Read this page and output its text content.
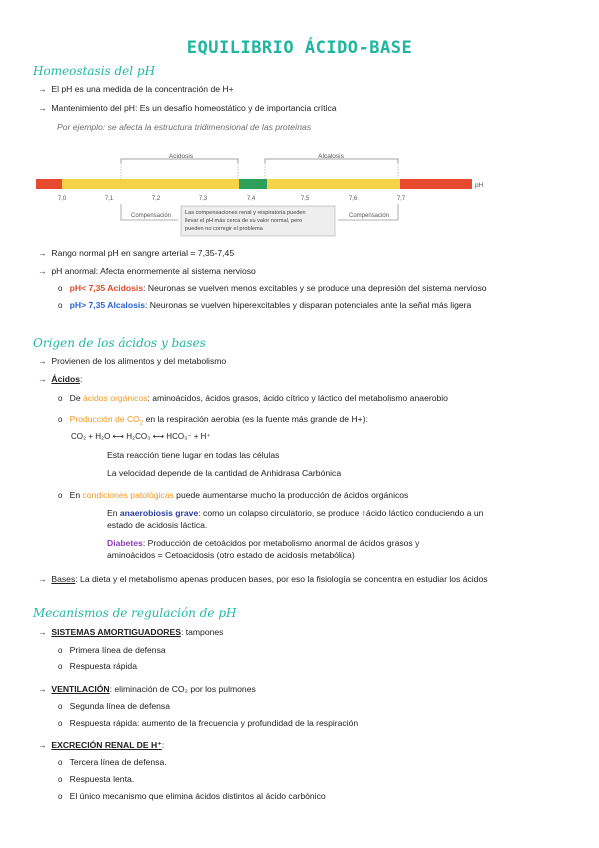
EQUILIBRIO ÁCIDO-BASE
Homeostasis del pH
→ El pH es una medida de la concentración de H+
→ Mantenimiento del pH: Es un desafío homeostático y de importancia crítica
Por ejemplo: se afecta la estructura tridimensional de las proteínas
Acidosis	Alcalosis
pH
7,0	7,1	7,2	7,3	7,4	7,5	7,6	7,7
Compensación	Compensación
Las compensaciones renal y respiratoria pueden
llevar el pH más cerca de su valor normal, pero
pueden no corregir el problema
→ Rango normal pH en sangre arterial = 7,35-7,45
→ pH anormal: Afecta enormemente al sistema nervioso
o pH< 7,35 Acidosis: Neuronas se vuelven menos excitables y se produce una depresión del sistema nervioso
o pH> 7,35 Alcalosis: Neuronas se vuelven hiperexcitables y disparan potenciales ante la señal más ligera
Origen de los ácidos y bases
→ Provienen de los alimentos y del metabolismo
→ Ácidos:
o De ácidos orgánicos: aminoácidos, ácidos grasos, ácido cítrico y láctico del metabolismo anaerobio
o Producción de $CO_2$ en la respiración aerobia (es la fuente más grande de H+):
CO₂ + H₂O ⟷ H₂CO₃ ⟷ HCO₃⁻ + H⁺
Esta reacción tiene lugar en todas las células
La velocidad depende de la cantidad de Anhidrasa Carbónica
o En condiciones patológicas puede aumentarse mucho la producción de ácidos orgánicos
En anaerobiosis grave: como un colapso circulatorio, se produce ↑ácido láctico conduciendo a un
estado de acidosis láctica.
Diabetes: Producción de cetoácidos por metabolismo anormal de ácidos grasos y
aminoácidos = Cetoacidosis (otro estado de acidosis metabólica)
→ Bases: La dieta y el metabolismo apenas producen bases, por eso la fisiología se concentra en estudiar los ácidos
Mecanismos de regulación de pH
→ SISTEMAS AMORTIGUADORES: tampones
o Primera línea de defensa
o Respuesta rápida
→ VENTILACIÓN: eliminación de CO₂ por los pulmones
o Segunda línea de defensa
o Respuesta rápida: aumento de la frecuencia y profundidad de la respiración
→ EXCRECIÓN RENAL DE H⁺:
o Tercera línea de defensa.
o Respuesta lenta.
o El único mecanismo que elimina ácidos distintos al ácido carbónico
